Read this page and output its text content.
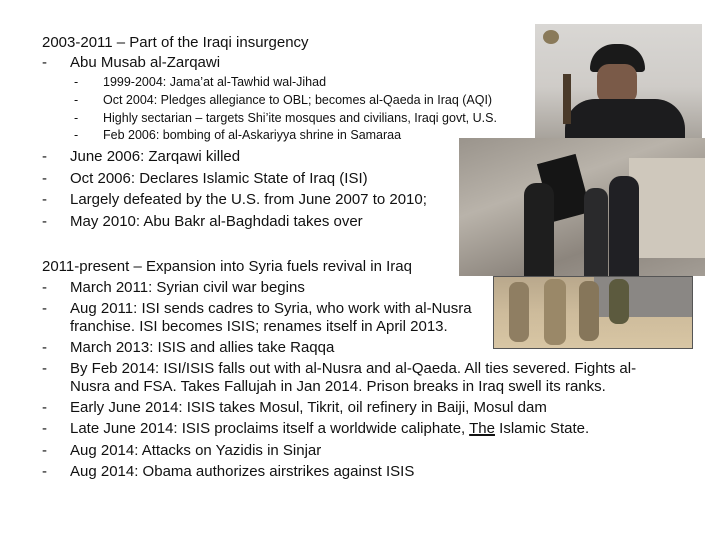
2003-2011 – Part of the Iraqi insurgency
- Abu Musab al-Zarqawi
- 1999-2004: Jama’at al-Tawhid wal-Jihad
- Oct 2004: Pledges allegiance to OBL; becomes al-Qaeda in Iraq (AQI)
- Highly sectarian – targets Shi’ite mosques and civilians, Iraqi govt, U.S.
- Feb 2006: bombing of al-Askariyya shrine in Samaraa
- June 2006: Zarqawi killed
- Oct 2006: Declares Islamic State of Iraq (ISI)
- Largely defeated by the U.S. from June 2007 to 2010;
- May 2010: Abu Bakr al-Baghdadi takes over
2011-present – Expansion into Syria fuels revival in Iraq
- March 2011: Syrian civil war begins
- Aug 2011: ISI sends cadres to Syria, who work with al-Nusra
franchise. ISI becomes ISIS; renames itself in April 2013.
- March 2013: ISIS and allies take Raqqa
- By Feb 2014: ISI/ISIS falls out with al-Nusra and al-Qaeda. All ties severed. Fights al-
Nusra and FSA. Takes Fallujah in Jan 2014. Prison breaks in Iraq swell its ranks.
- Early June 2014: ISIS takes Mosul, Tikrit, oil refinery in Baiji, Mosul dam
- Late June 2014: ISIS proclaims itself a worldwide caliphate, The Islamic State.
- Aug 2014: Attacks on Yazidis in Sinjar
- Aug 2014: Obama authorizes airstrikes against ISIS
